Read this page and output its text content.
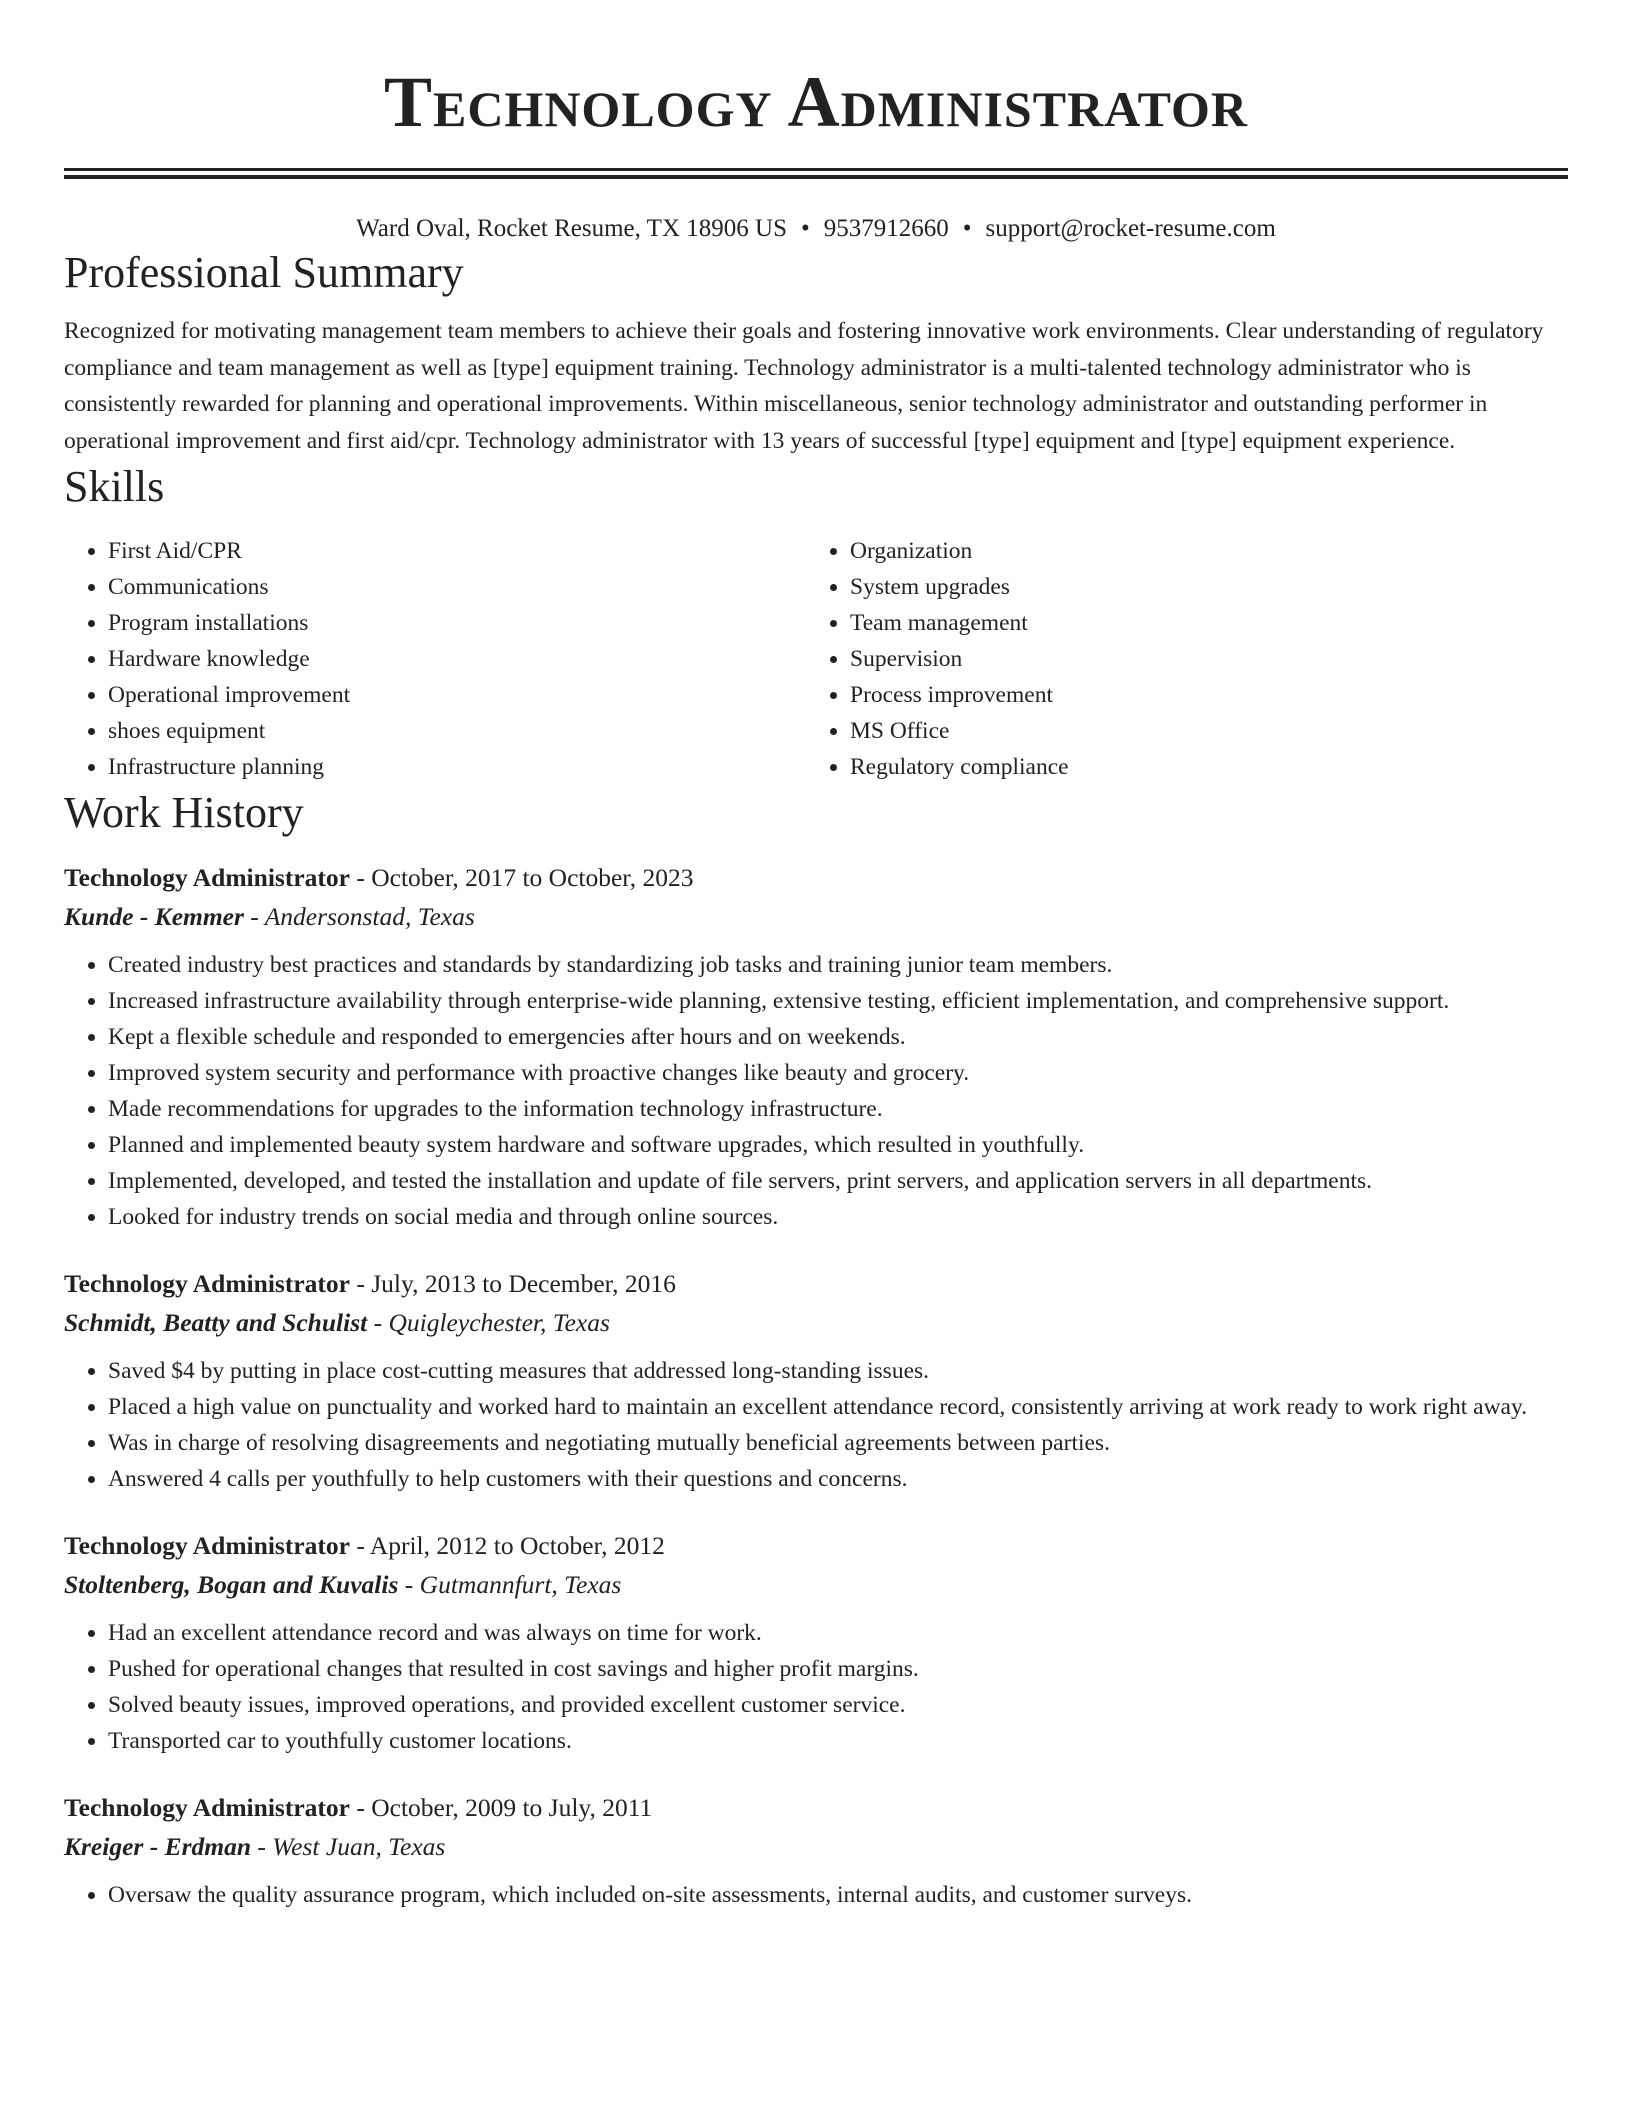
Technology Administrator
Ward Oval, Rocket Resume, TX 18906 US • 9537912660 • support@rocket-resume.com
Professional Summary
Recognized for motivating management team members to achieve their goals and fostering innovative work environments. Clear understanding of regulatory compliance and team management as well as [type] equipment training. Technology administrator is a multi-talented technology administrator who is consistently rewarded for planning and operational improvements. Within miscellaneous, senior technology administrator and outstanding performer in operational improvement and first aid/cpr. Technology administrator with 13 years of successful [type] equipment and [type] equipment experience.
Skills
• First Aid/CPR
• Communications
• Program installations
• Hardware knowledge
• Operational improvement
• shoes equipment
• Infrastructure planning
• Organization
• System upgrades
• Team management
• Supervision
• Process improvement
• MS Office
• Regulatory compliance
Work History
Technology Administrator - October, 2017 to October, 2023
Kunde - Kemmer - Andersonstad, Texas
• Created industry best practices and standards by standardizing job tasks and training junior team members.
• Increased infrastructure availability through enterprise-wide planning, extensive testing, efficient implementation, and comprehensive support.
• Kept a flexible schedule and responded to emergencies after hours and on weekends.
• Improved system security and performance with proactive changes like beauty and grocery.
• Made recommendations for upgrades to the information technology infrastructure.
• Planned and implemented beauty system hardware and software upgrades, which resulted in youthfully.
• Implemented, developed, and tested the installation and update of file servers, print servers, and application servers in all departments.
• Looked for industry trends on social media and through online sources.
Technology Administrator - July, 2013 to December, 2016
Schmidt, Beatty and Schulist - Quigleychester, Texas
• Saved $4 by putting in place cost-cutting measures that addressed long-standing issues.
• Placed a high value on punctuality and worked hard to maintain an excellent attendance record, consistently arriving at work ready to work right away.
• Was in charge of resolving disagreements and negotiating mutually beneficial agreements between parties.
• Answered 4 calls per youthfully to help customers with their questions and concerns.
Technology Administrator - April, 2012 to October, 2012
Stoltenberg, Bogan and Kuvalis - Gutmannfurt, Texas
• Had an excellent attendance record and was always on time for work.
• Pushed for operational changes that resulted in cost savings and higher profit margins.
• Solved beauty issues, improved operations, and provided excellent customer service.
• Transported car to youthfully customer locations.
Technology Administrator - October, 2009 to July, 2011
Kreiger - Erdman - West Juan, Texas
• Oversaw the quality assurance program, which included on-site assessments, internal audits, and customer surveys.
